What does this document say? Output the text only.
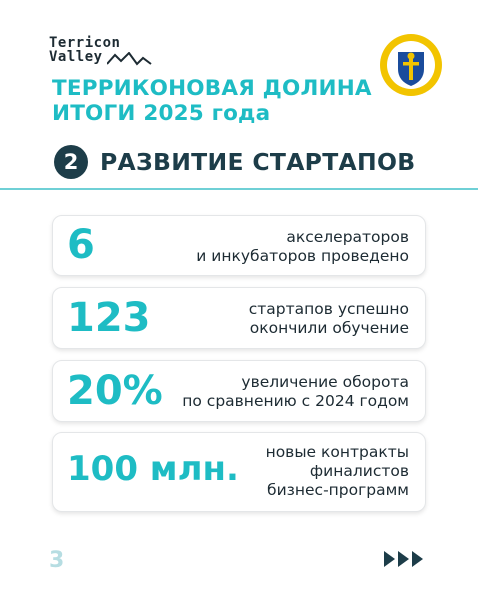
Terricon
Valley
ТЕРРИКОНОВАЯ ДОЛИНА
ИТОГИ 2025 года
2 РАЗВИТИЕ СТАРТАПОВ
6	акселераторов
и инкубаторов проведено
123	стартапов успешно
окончили обучение
20%	увеличение оборота
по сравнению с 2024 годом
100 млн. новые контракты
финалистов
бизнес-программ
3
